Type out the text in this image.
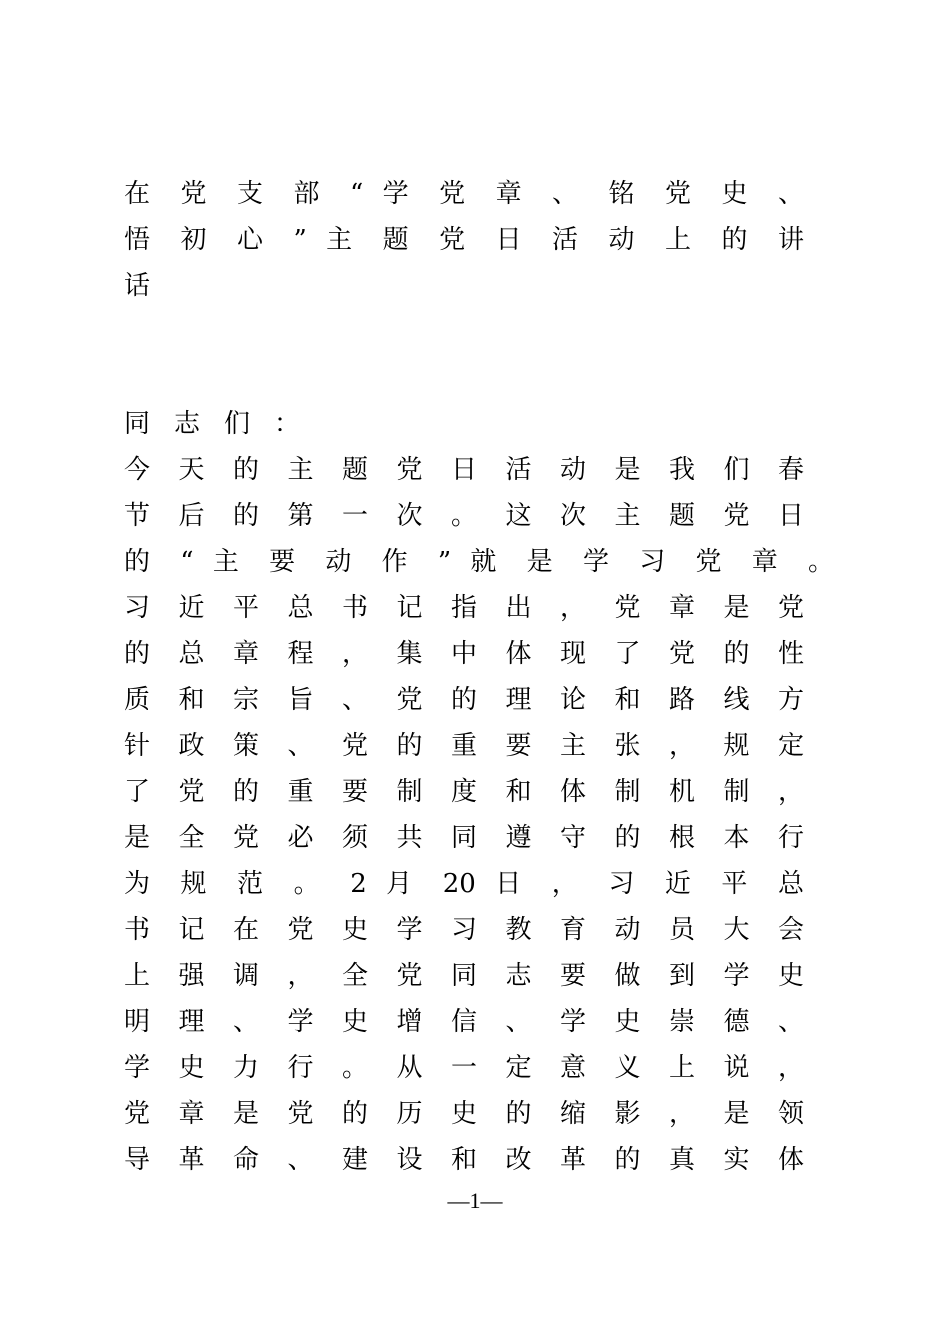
在 党 支 部 “ 学 党 章 、 铭 党 史 、
悟 初 心 ” 主 题 党 日 活 动 上 的 讲
话
同志们：
今 天 的 主 题 党 日 活 动 是 我 们 春
节 后 的 第 一 次 。 这 次 主 题 党 日
的 “ 主 要 动 作 ” 就 是 学 习 党 章 。
习 近 平 总 书 记 指 出 ， 党 章 是 党
的 总 章 程 ， 集 中 体 现 了 党 的 性
质 和 宗 旨 、 党 的 理 论 和 路 线 方
针 政 策 、 党 的 重 要 主 张 ， 规 定
了 党 的 重 要 制 度 和 体 制 机 制 ，
是 全 党 必 须 共 同 遵 守 的 根 本 行
为 规 范 。 2 月 20 日 ， 习 近 平 总
书 记 在 党 史 学 习 教 育 动 员 大 会
上 强 调 ， 全 党 同 志 要 做 到 学 史
明 理 、 学 史 增 信 、 学 史 崇 德 、
学 史 力 行 。 从 一 定 意 义 上 说 ，
党 章 是 党 的 历 史 的 缩 影 ， 是 领
导 革 命 、 建 设 和 改 革 的 真 实 体
—1—
